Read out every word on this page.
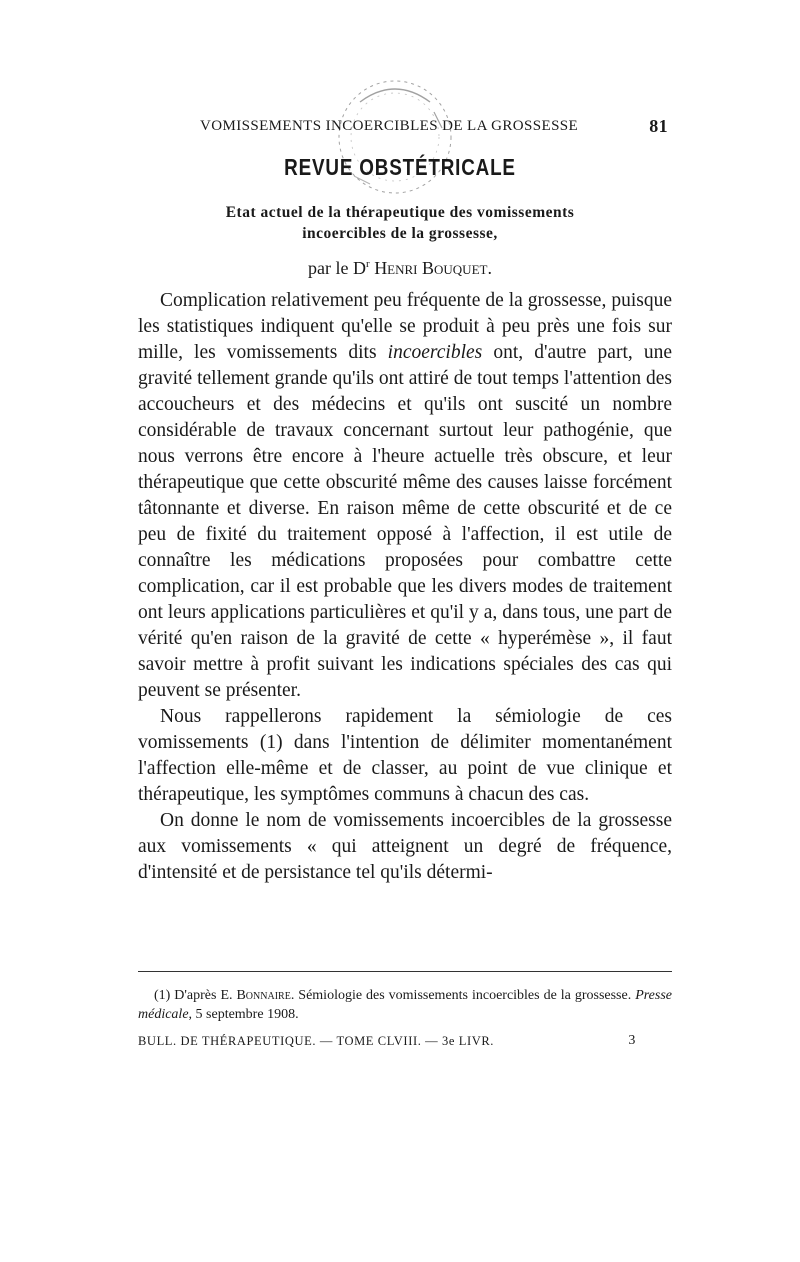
VOMISSEMENTS INCOERCIBLES DE LA GROSSESSE	81
REVUE OBSTÉTRICALE
Etat actuel de la thérapeutique des vomissements
incoercibles de la grossesse,
par le $D^r$ Henri Bouquet.

Complication relativement peu fréquente de la grossesse, puisque les statistiques indiquent qu'elle se produit à peu près une fois sur mille, les vomissements dits incoercibles ont, d'autre part, une gravité tellement grande qu'ils ont attiré de tout temps l'attention des accoucheurs et des médecins et qu'ils ont suscité un nombre considérable de travaux concernant surtout leur pathogénie, que nous verrons être encore à l'heure actuelle très obscure, et leur thérapeutique que cette obscurité même des causes laisse forcément tâtonnante et diverse. En raison même de cette obscurité et de ce peu de fixité du traitement opposé à l'affection, il est utile de connaître les médications proposées pour combattre cette complication, car il est probable que les divers modes de traitement ont leurs applications particulières et qu'il y a, dans tous, une part de vérité qu'en raison de la gravité de cette « hyperémèse », il faut savoir mettre à profit suivant les indications spéciales des cas qui peuvent se présenter.

Nous rappellerons rapidement la sémiologie de ces vomissements (1) dans l'intention de délimiter momentanément l'affection elle-même et de classer, au point de vue clinique et thérapeutique, les symptômes communs à chacun des cas.

On donne le nom de vomissements incoercibles de la grossesse aux vomissements « qui atteignent un degré de fréquence, d'intensité et de persistance tel qu'ils détermi-

(1) D'après E. Bonnaire. Sémiologie des vomissements incoercibles de la grossesse. Presse médicale, 5 septembre 1908.
BULL. DE THÉRAPEUTIQUE. — TOME CLVIII. — 3e LIVR.	3
